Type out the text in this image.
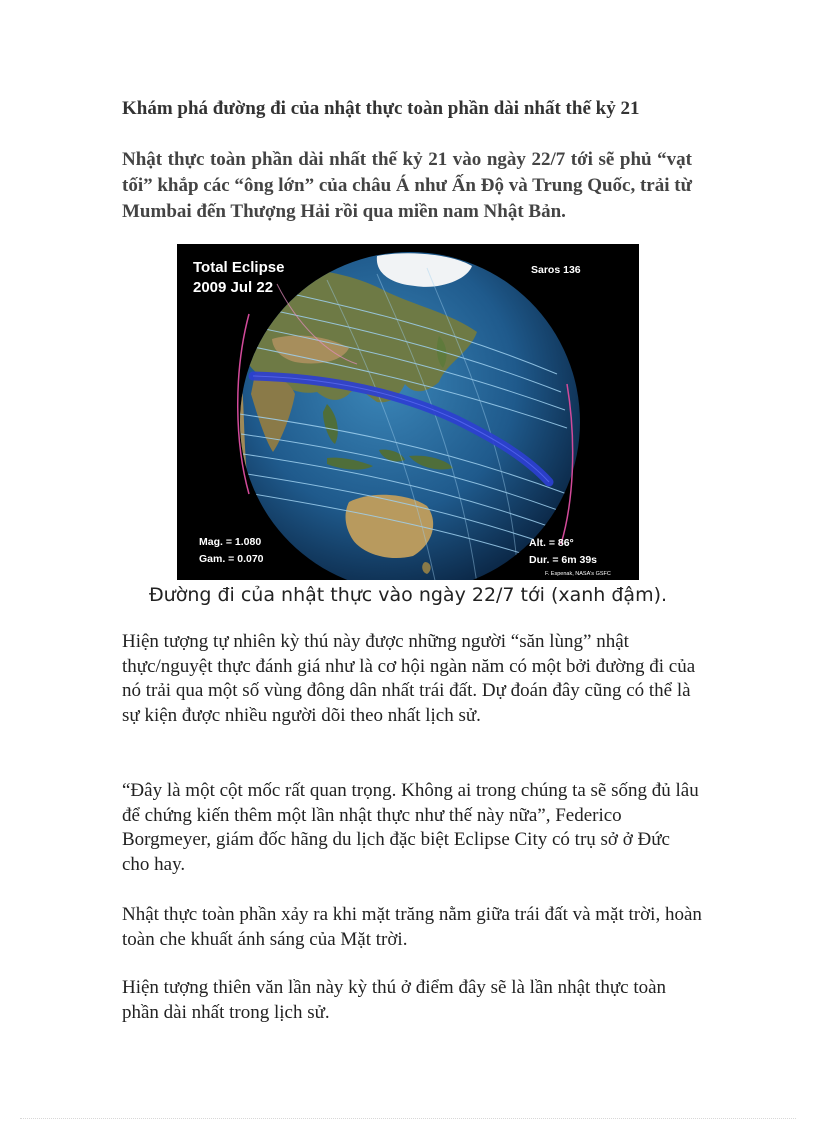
Khám phá đường đi của nhật thực toàn phần dài nhất thế kỷ 21
Nhật thực toàn phần dài nhất thế kỷ 21 vào ngày 22/7 tới sẽ phủ “vạt tối” khắp các “ông lớn” của châu Á như Ấn Độ và Trung Quốc, trải từ Mumbai đến Thượng Hải rồi qua miền nam Nhật Bản.
Total Eclipse
2009 Jul 22
Saros 136
Mag. = 1.080
Gam. = 0.070
Alt. = 86°
Dur. = 6m 39s
F. Espenak, NASA's GSFC
Đường đi của nhật thực vào ngày 22/7 tới (xanh đậm).
Hiện tượng tự nhiên kỳ thú này được những người “săn lùng” nhật thực/nguyệt thực đánh giá như là cơ hội ngàn năm có một bởi đường đi của nó trải qua một số vùng đông dân nhất trái đất. Dự đoán đây cũng có thể là sự kiện được nhiều người dõi theo nhất lịch sử.
“Đây là một cột mốc rất quan trọng. Không ai trong chúng ta sẽ sống đủ lâu để chứng kiến thêm một lần nhật thực như thế này nữa”, Federico Borgmeyer, giám đốc hãng du lịch đặc biệt Eclipse City có trụ sở ở Đức cho hay.
Nhật thực toàn phần xảy ra khi mặt trăng nằm giữa trái đất và mặt trời, hoàn toàn che khuất ánh sáng của Mặt trời.
Hiện tượng thiên văn lần này kỳ thú ở điểm đây sẽ là lần nhật thực toàn phần dài nhất trong lịch sử.
